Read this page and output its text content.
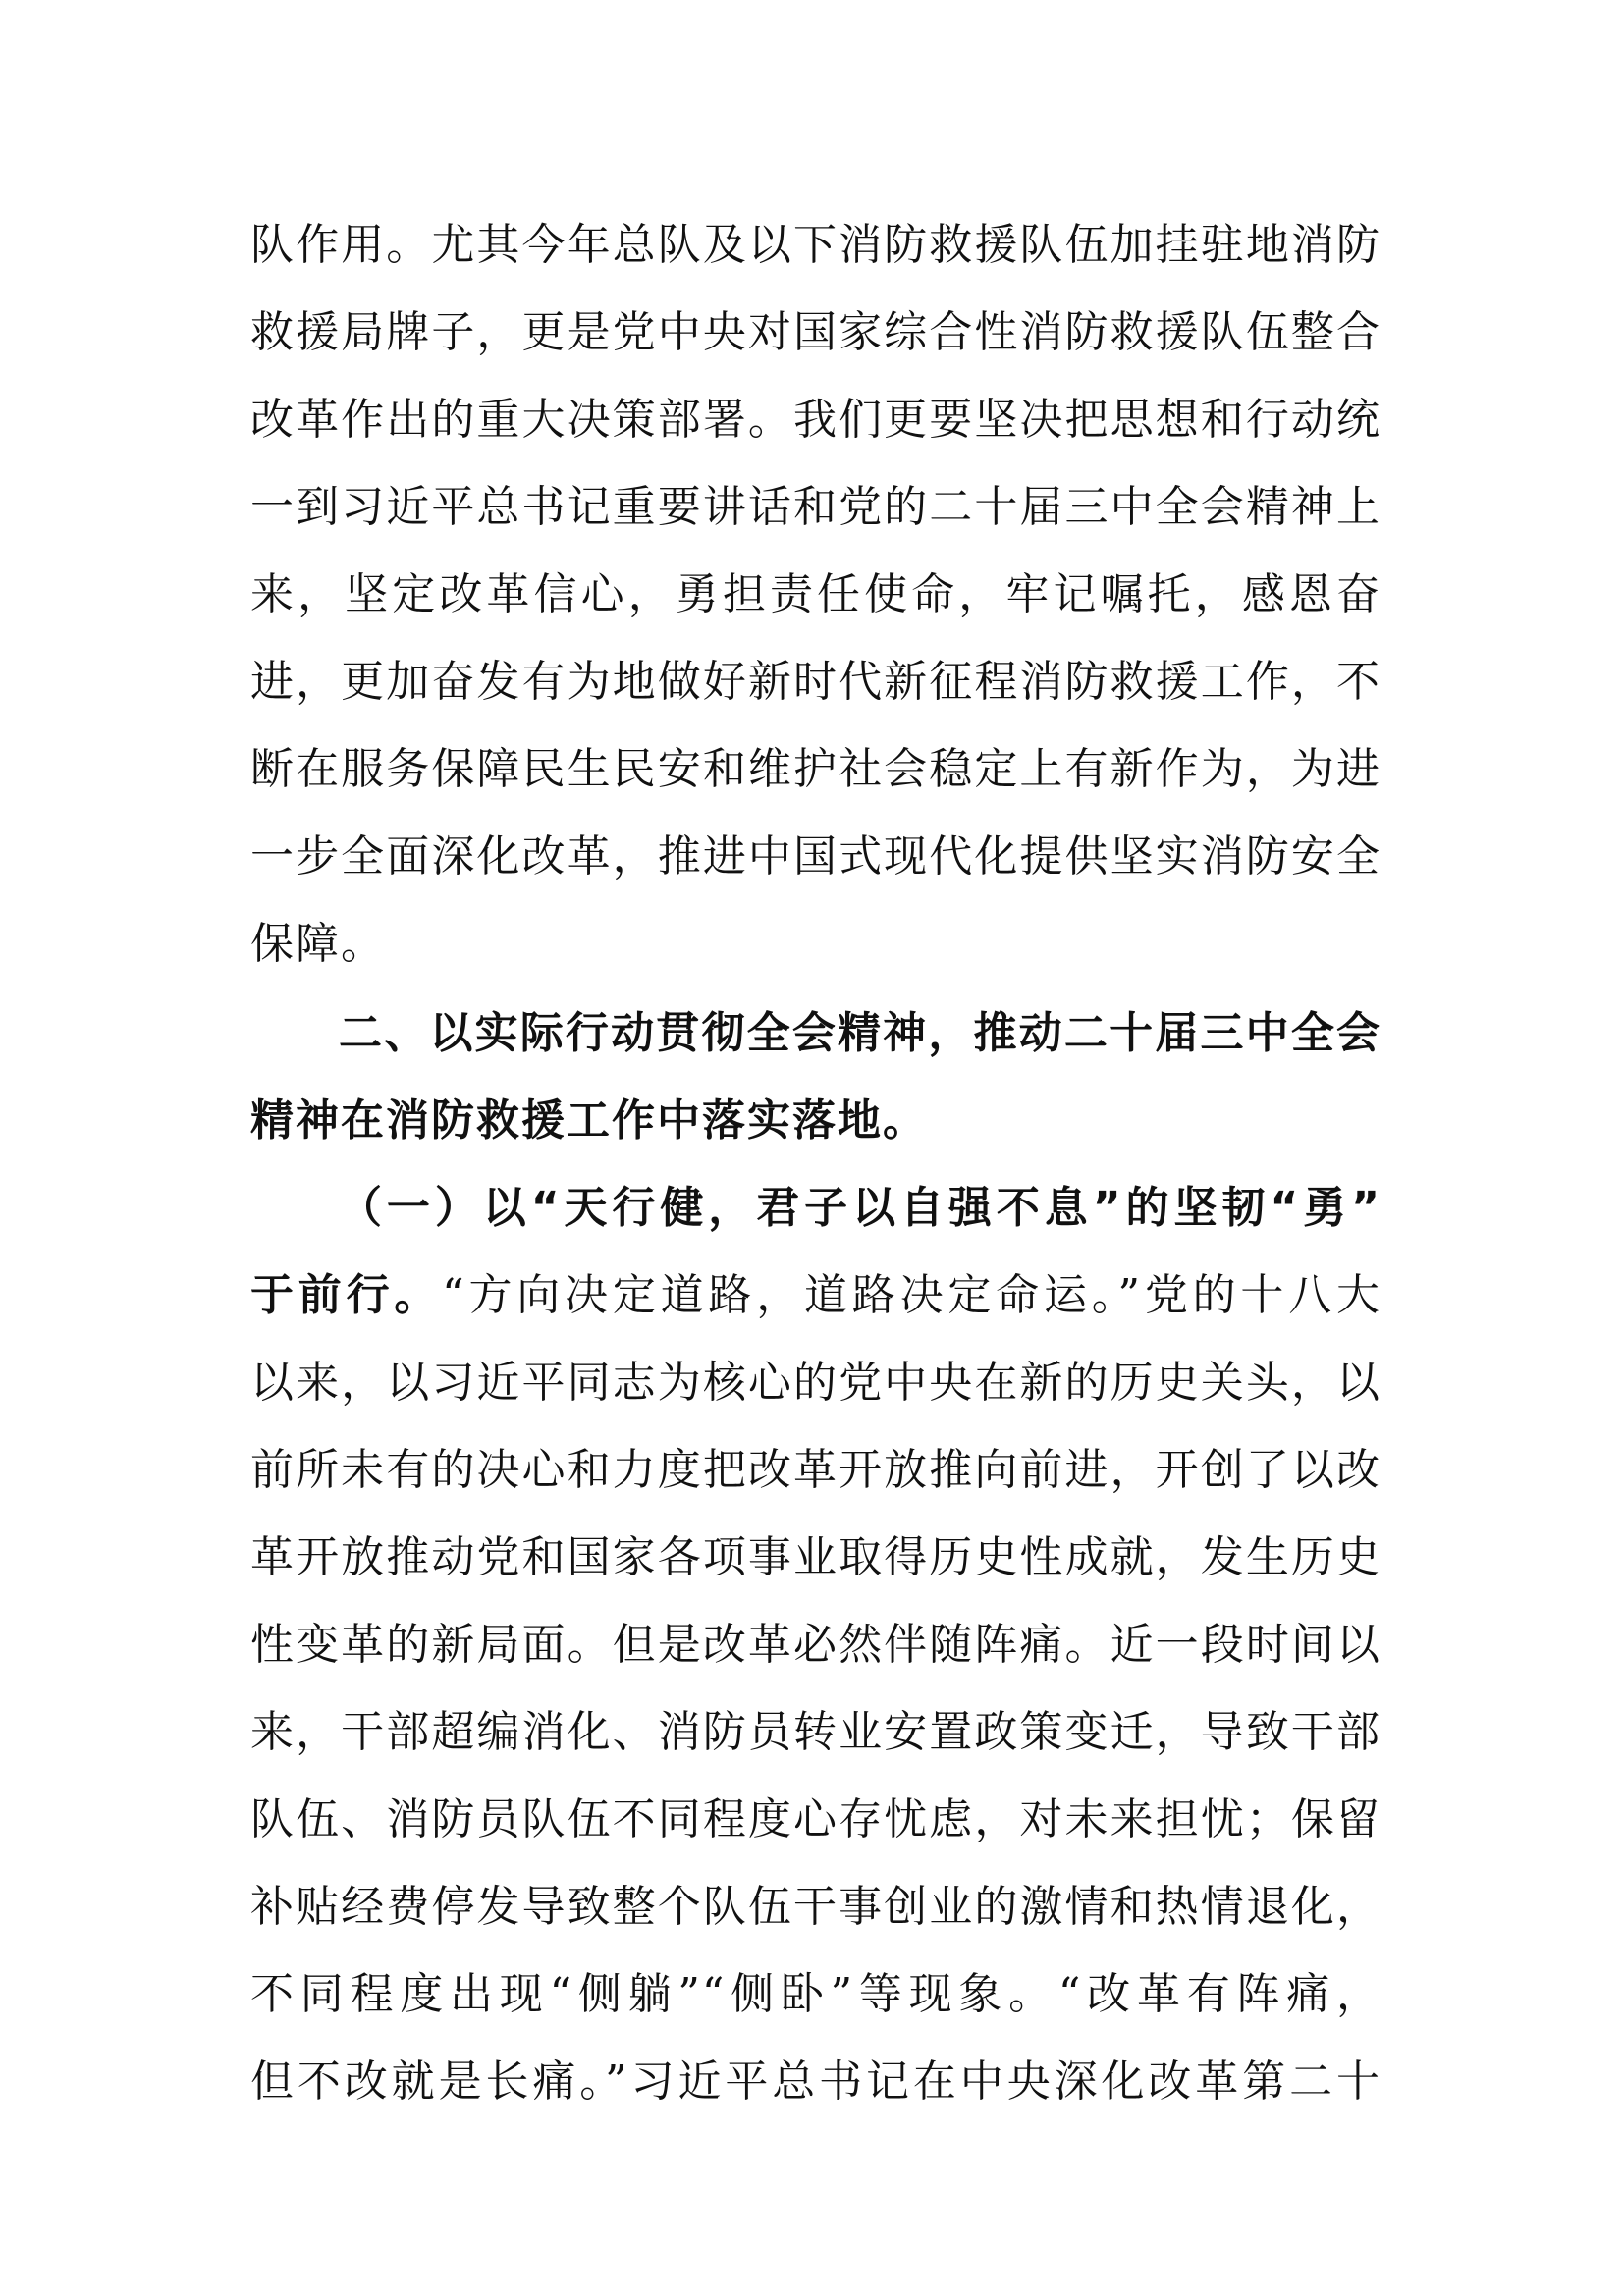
队作用。尤其今年总队及以下消防救援队伍加挂驻地消防
救援局牌子，更是党中央对国家综合性消防救援队伍整合
改革作出的重大决策部署。我们更要坚决把思想和行动统
一到习近平总书记重要讲话和党的二十届三中全会精神上
来，坚定改革信心，勇担责任使命，牢记嘱托，感恩奋
进，更加奋发有为地做好新时代新征程消防救援工作，不
断在服务保障民生民安和维护社会稳定上有新作为，为进
一步全面深化改革，推进中国式现代化提供坚实消防安全
保障。
二、以实际行动贯彻全会精神，推动二十届三中全会
精神在消防救援工作中落实落地。
（一）以“天行健，君子以自强不息”的坚韧“勇”
于前行。“方向决定道路，道路决定命运。”党的十八大
以来，以习近平同志为核心的党中央在新的历史关头，以
前所未有的决心和力度把改革开放推向前进，开创了以改
革开放推动党和国家各项事业取得历史性成就，发生历史
性变革的新局面。但是改革必然伴随阵痛。近一段时间以
来，干部超编消化、消防员转业安置政策变迁，导致干部
队伍、消防员队伍不同程度心存忧虑，对未来担忧；保留
补贴经费停发导致整个队伍干事创业的激情和热情退化，
不同程度出现“侧躺”“侧卧”等现象。“改革有阵痛，
但不改就是长痛。”习近平总书记在中央深化改革第二十
